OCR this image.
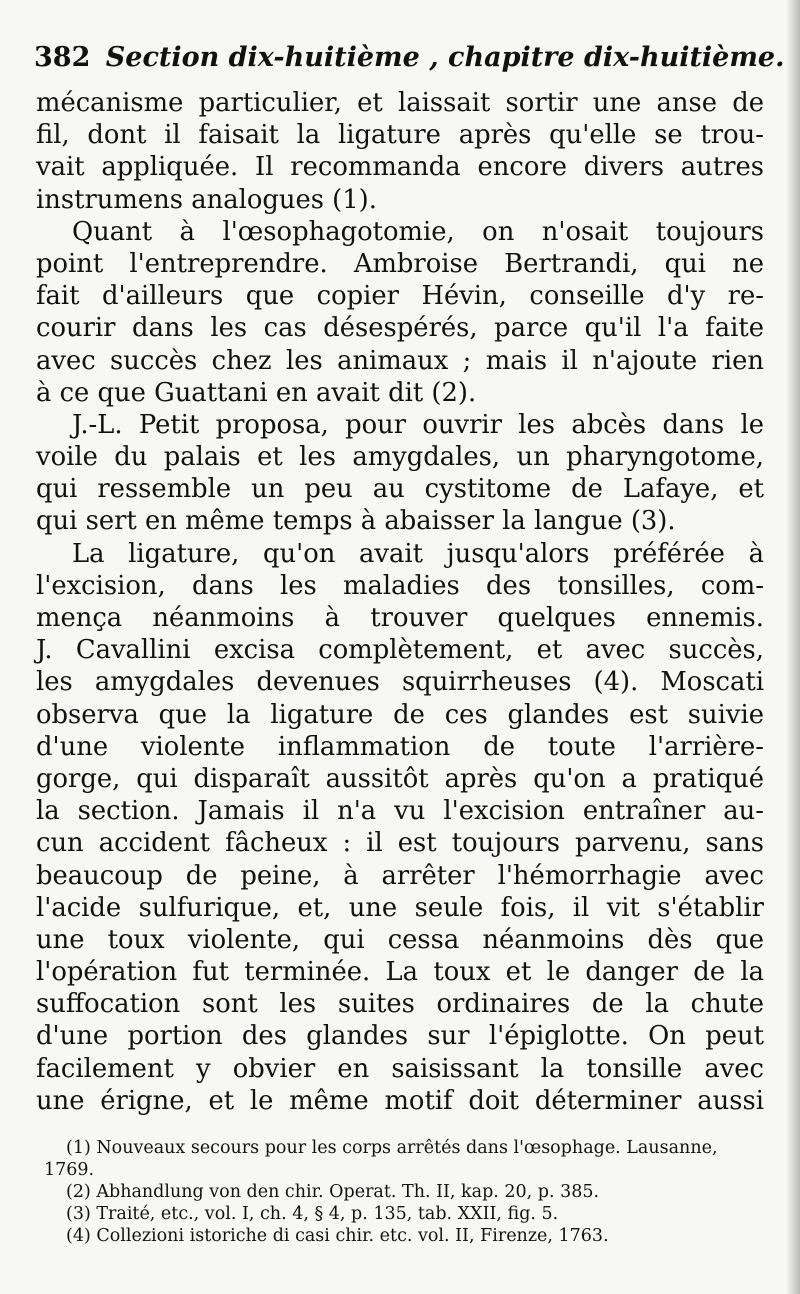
382 Section dix-huitième , chapitre dix-huitième.
mécanisme particulier, et laissait sortir une anse de
fil, dont il faisait la ligature après qu'elle se trou-
vait appliquée. Il recommanda encore divers autres
instrumens analogues (1).
Quant à l'œsophagotomie, on n'osait toujours
point l'entreprendre. Ambroise Bertrandi, qui ne
fait d'ailleurs que copier Hévin, conseille d'y re-
courir dans les cas désespérés, parce qu'il l'a faite
avec succès chez les animaux ; mais il n'ajoute rien
à ce que Guattani en avait dit (2).
J.-L. Petit proposa, pour ouvrir les abcès dans le
voile du palais et les amygdales, un pharyngotome,
qui ressemble un peu au cystitome de Lafaye, et
qui sert en même temps à abaisser la langue (3).
La ligature, qu'on avait jusqu'alors préférée à
l'excision, dans les maladies des tonsilles, com-
mença néanmoins à trouver quelques ennemis.
J. Cavallini excisa complètement, et avec succès,
les amygdales devenues squirrheuses (4). Moscati
observa que la ligature de ces glandes est suivie
d'une violente inflammation de toute l'arrière-
gorge, qui disparaît aussitôt après qu'on a pratiqué
la section. Jamais il n'a vu l'excision entraîner au-
cun accident fâcheux : il est toujours parvenu, sans
beaucoup de peine, à arrêter l'hémorrhagie avec
l'acide sulfurique, et, une seule fois, il vit s'établir
une toux violente, qui cessa néanmoins dès que
l'opération fut terminée. La toux et le danger de la
suffocation sont les suites ordinaires de la chute
d'une portion des glandes sur l'épiglotte. On peut
facilement y obvier en saisissant la tonsille avec
une érigne, et le même motif doit déterminer aussi
(1) Nouveaux secours pour les corps arrêtés dans l'œsophage. Lausanne,
1769.
(2) Abhandlung von den chir. Operat. Th. II, kap. 20, p. 385.
(3) Traité, etc., vol. I, ch. 4, § 4, p. 135, tab. XXII, fig. 5.
(4) Collezioni istoriche di casi chir. etc. vol. II, Firenze, 1763.
